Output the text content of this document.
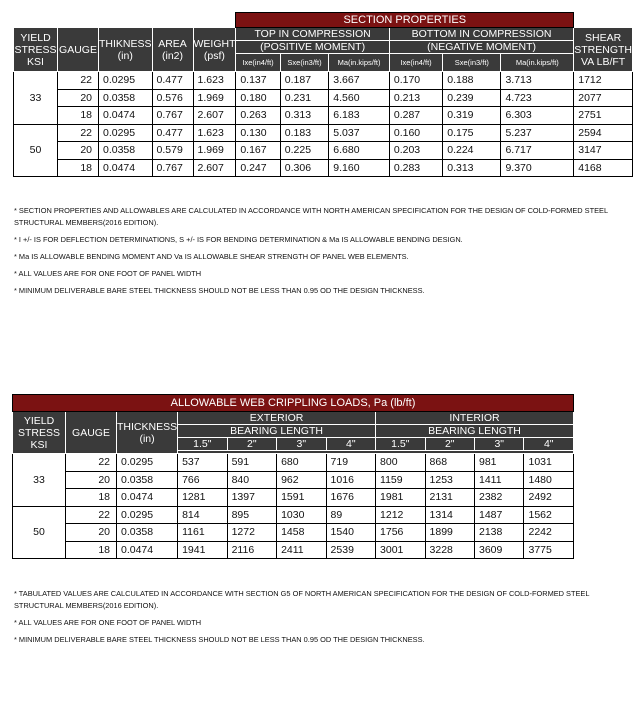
					SECTION PROPERTIES						
YIELD STRESS KSI	GAUGE	THIKNESS (in)	AREA (in2)	WEIGHT (psf)	TOP IN COMPRESSION			BOTTOM IN COMPRESSION			SHEAR STRENGTH VA LB/FT
					(POSITIVE MOMENT)			(NEGATIVE MOMENT)			
					Ixe(in4/ft)	Sxe(in3/ft)	Ma(in.kips/ft)	Ixe(in4/ft)	Sxe(in3/ft)	Ma(in.kips/ft)	
33	22	0.0295	0.477	1.623	0.137	0.187	3.667	0.170	0.188	3.713	1712
	20	0.0358	0.576	1.969	0.180	0.231	4.560	0.213	0.239	4.723	2077
	18	0.0474	0.767	2.607	0.263	0.313	6.183	0.287	0.319	6.303	2751
50	22	0.0295	0.477	1.623	0.130	0.183	5.037	0.160	0.175	5.237	2594
	20	0.0358	0.579	1.969	0.167	0.225	6.680	0.203	0.224	6.717	3147
	18	0.0474	0.767	2.607	0.247	0.306	9.160	0.283	0.313	9.370	4168

* SECTION PROPERTIES AND ALLOWABLES ARE CALCULATED IN ACCORDANCE WITH NORTH AMERICAN SPECIFICATION FOR THE DESIGN OF COLD-FORMED STEEL STRUCTURAL MEMBERS(2016 EDITION).

* I +/- IS FOR DEFLECTION DETERMINATIONS, S +/- IS FOR BENDING DETERMINATION & Ma IS ALLOWABLE BENDING DESIGN.

* Ma IS ALLOWABLE BENDING MOMENT AND Va IS ALLOWABLE SHEAR STRENGTH OF PANEL WEB ELEMENTS.

* ALL VALUES ARE FOR ONE FOOT OF PANEL WIDTH

* MINIMUM DELIVERABLE BARE STEEL THICKNESS SHOULD NOT BE LESS THAN 0.95 OD THE DESIGN THICKNESS.

ALLOWABLE WEB CRIPPLING LOADS, Pa (lb/ft)										
YIELD STRESS KSI	GAUGE	THICKNESS (in)	EXTERIOR				INTERIOR			
			BEARING LENGTH				BEARING LENGTH			
			1.5"	2"	3"	4"	1.5"	2"	3"	4"

33	22	0.0295	537	591	680	719	800	868	981	1031
	20	0.0358	766	840	962	1016	1159	1253	1411	1480
	18	0.0474	1281	1397	1591	1676	1981	2131	2382	2492
50	22	0.0295	814	895	1030	89	1212	1314	1487	1562
	20	0.0358	1161	1272	1458	1540	1756	1899	2138	2242
	18	0.0474	1941	2116	2411	2539	3001	3228	3609	3775

* TABULATED VALUES ARE CALCULATED IN ACCORDANCE WITH SECTION G5 OF NORTH AMERICAN SPECIFICATION FOR THE DESIGN OF COLD-FORMED STEEL STRUCTURAL MEMBERS(2016 EDITION).

* ALL VALUES ARE FOR ONE FOOT OF PANEL WIDTH

* MINIMUM DELIVERABLE BARE STEEL THICKNESS SHOULD NOT BE LESS THAN 0.95 OD THE DESIGN THICKNESS.
